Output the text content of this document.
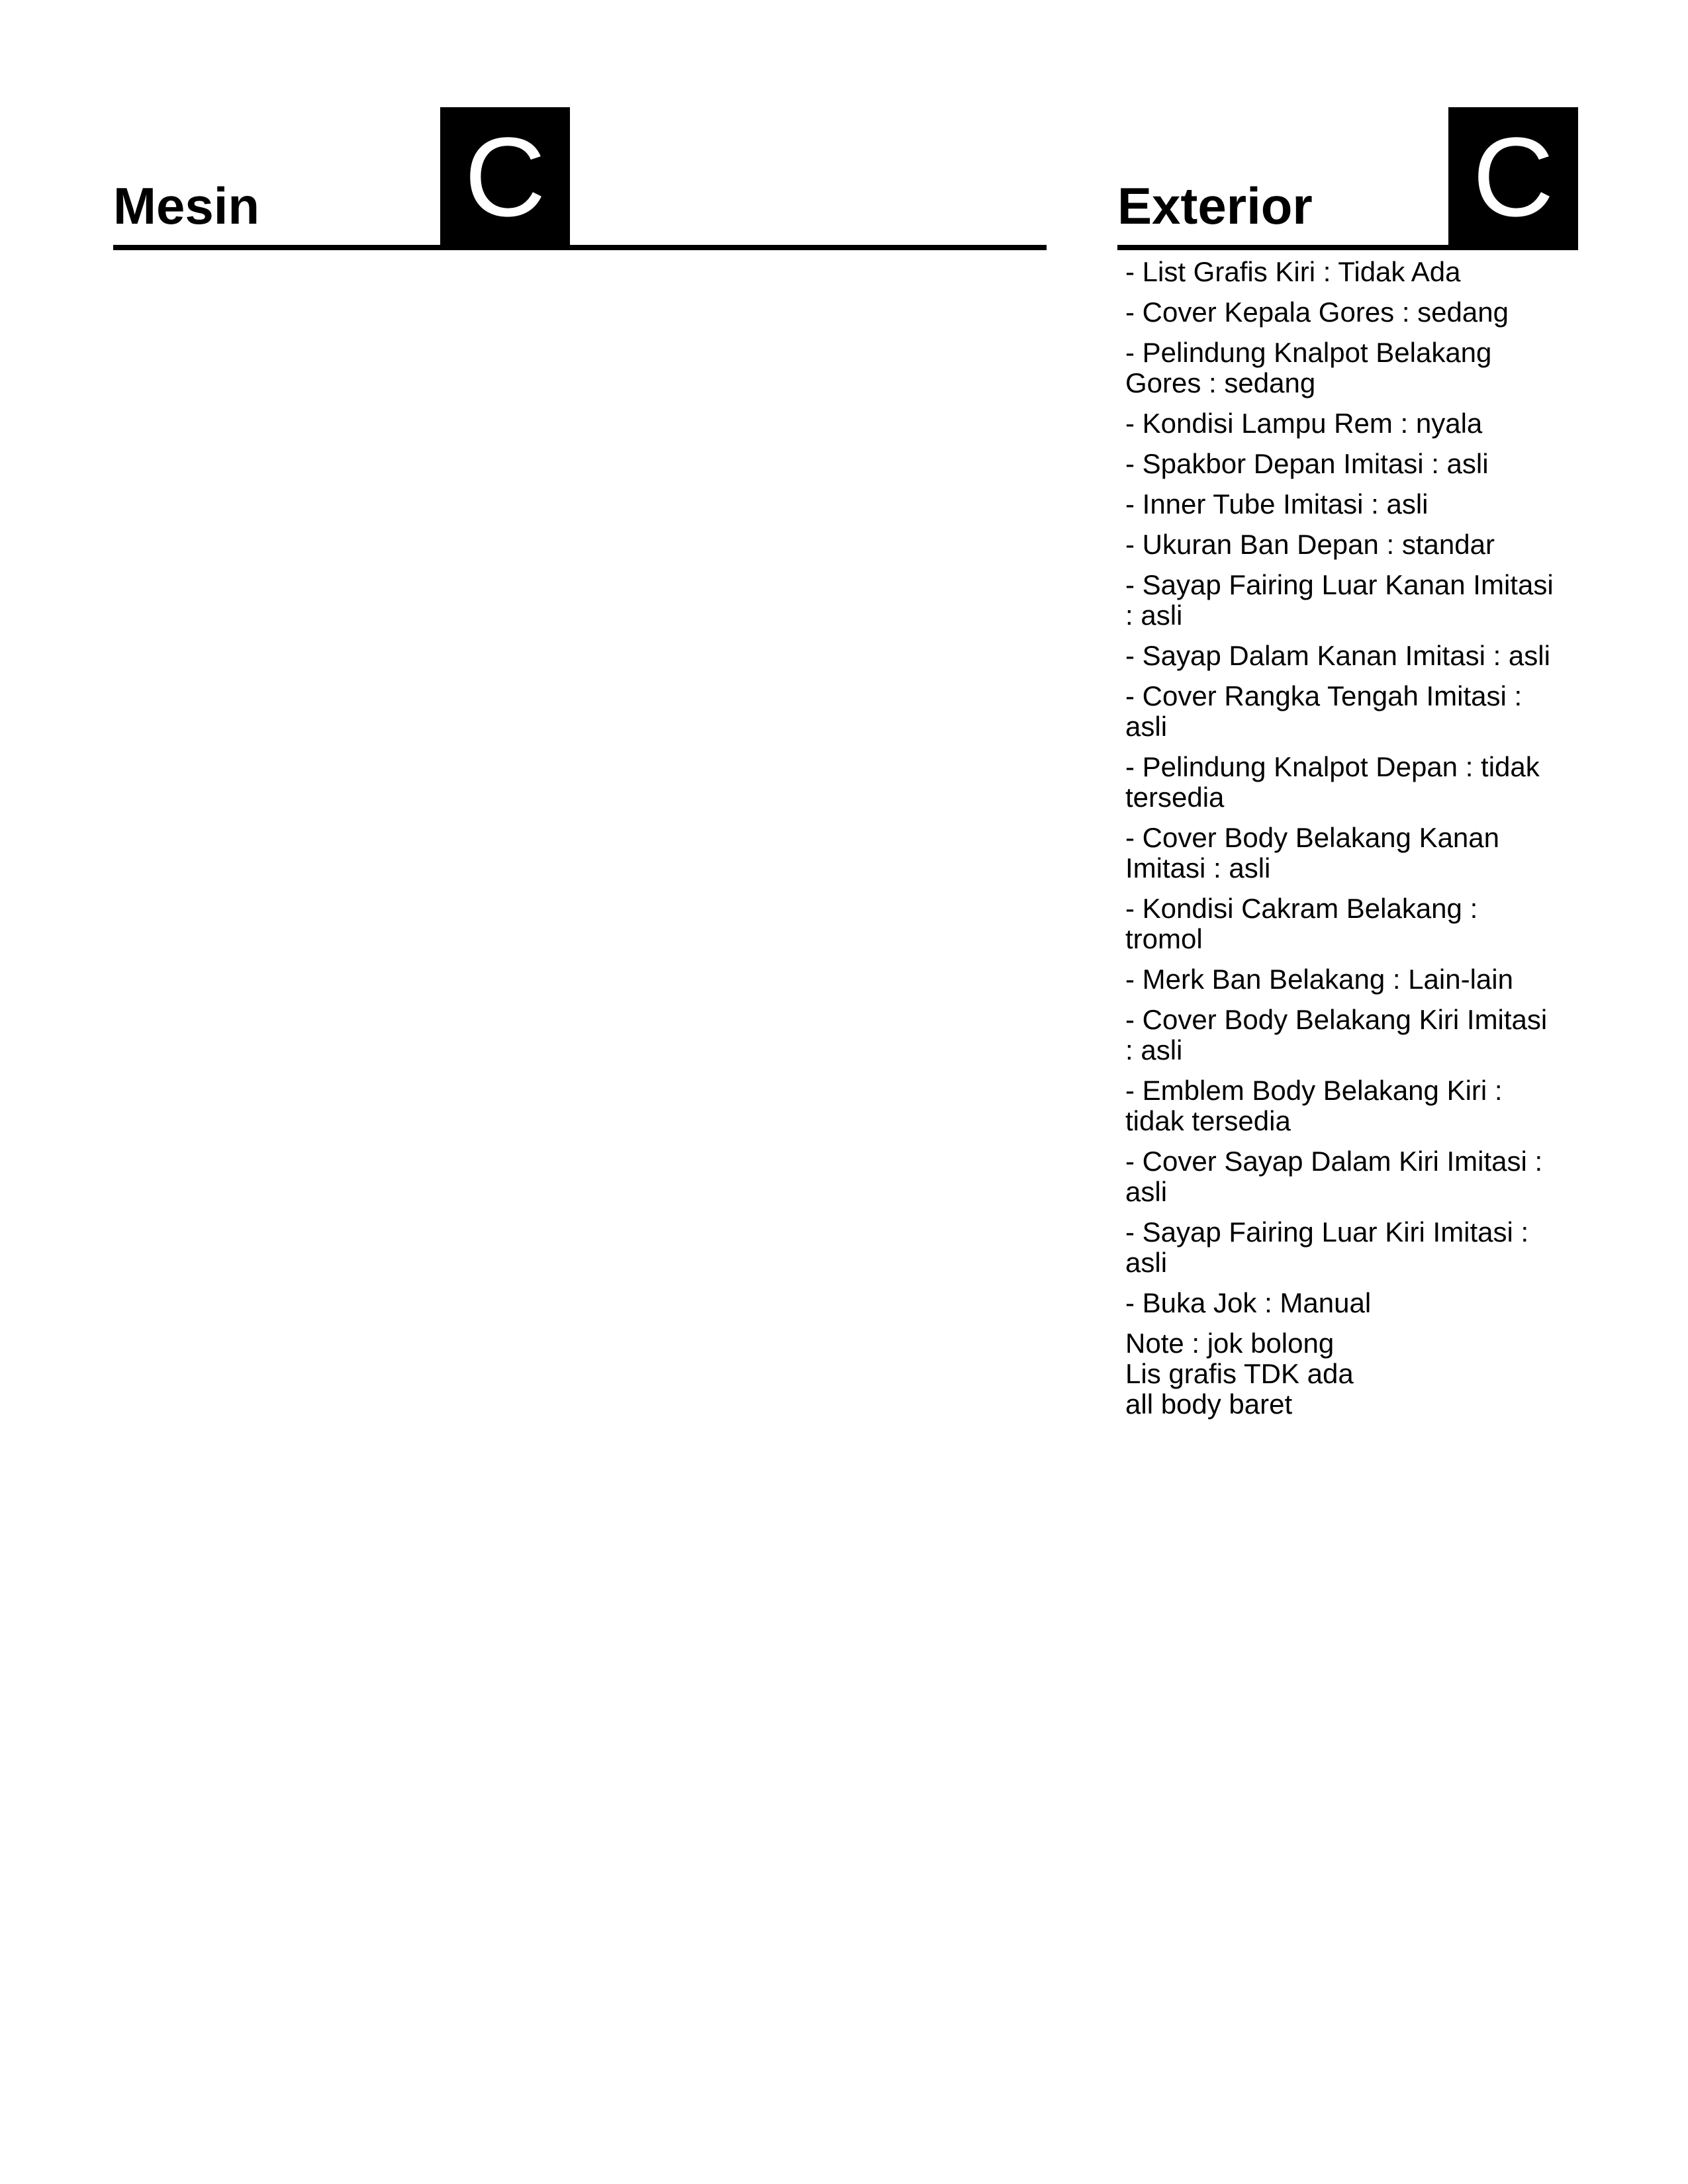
Mesin C	Exterior C
- List Grafis Kiri : Tidak Ada
- Cover Kepala Gores : sedang
- Pelindung Knalpot Belakang Gores : sedang
- Kondisi Lampu Rem : nyala
- Spakbor Depan Imitasi : asli
- Inner Tube Imitasi : asli
- Ukuran Ban Depan : standar
- Sayap Fairing Luar Kanan Imitasi : asli
- Sayap Dalam Kanan Imitasi : asli
- Cover Rangka Tengah Imitasi : asli
- Pelindung Knalpot Depan : tidak tersedia
- Cover Body Belakang Kanan Imitasi : asli
- Kondisi Cakram Belakang : tromol
- Merk Ban Belakang : Lain-lain
- Cover Body Belakang Kiri Imitasi : asli
- Emblem Body Belakang Kiri : tidak tersedia
- Cover Sayap Dalam Kiri Imitasi : asli
- Sayap Fairing Luar Kiri Imitasi : asli
- Buka Jok : Manual
Note : jok bolong
Lis grafis TDK ada
all body baret
